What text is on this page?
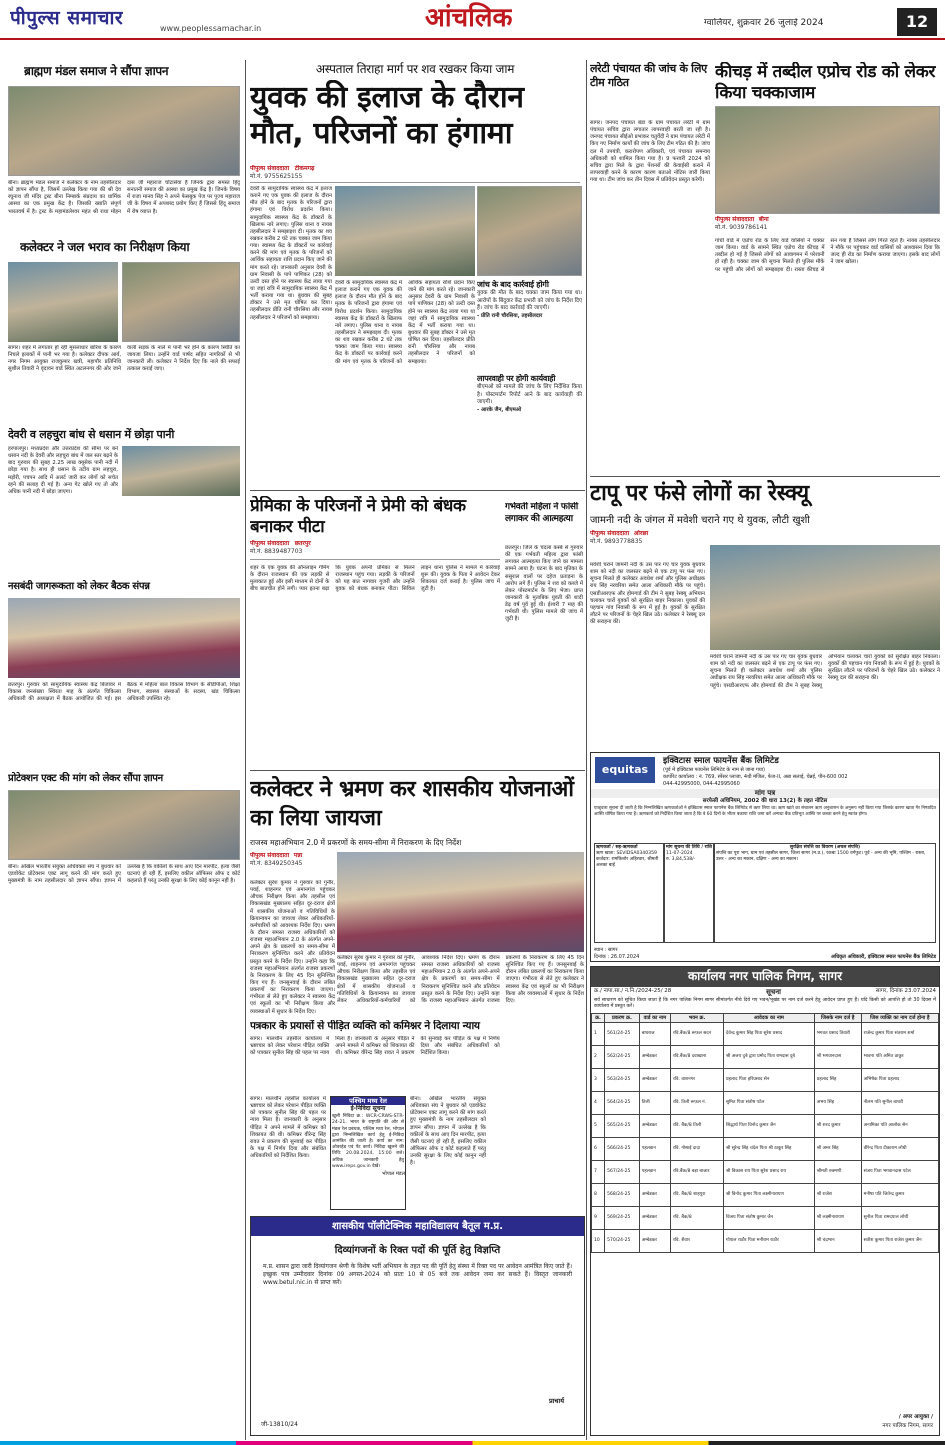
पीपुल्स समाचार	www.peoplessamachar.in	आंचलिक	ग्वालियर, शुक्रवार 26 जुलाई 2024	12
ब्राह्मण मंडल समाज ने सौंपा ज्ञापन
बीना। ब्राह्मण मंडल समाज ने कलेक्टर के नाम तहसीलदार को ज्ञापन सौंपा है, जिसमें उल्लेख किया गया की श्री देव रघुनाथ जी मंदिर ट्रस्ट बीना निम्बार्क संप्रदाय का धार्मिक आस्था का एक प्रमुख केंद्र है। जिसकी ख्याति संपूर्ण भारतवर्ष में है। ट्रस्ट के महामंडलेश्वर महंत श्री राधा मोहन दास जी महाराज चोटासेवा है जिनके द्वारा समस्त हिंदू सनातनी समाज की आस्था का प्रमुख केंद्र है। जिनके विषय में राजा मानव सिंह ने अपने फेसबुक पेज पर पूज्य महाराज जी के विषय में अपशब्द प्रयोग किए हैं जिससे हिंदू समाज में रोष व्याप्त है।
कलेक्टर ने जल भराव का निरीक्षण किया
सागर। शहर में लगातार हो रही मूसलाधार बारिश के कारण निचले इलाकों में पानी भर गया है। कलेक्टर दीपक आर्य, नगर निगम आयुक्त राजकुमार खत्री, महापौर प्रतिनिधि सुशील तिवारी ने वृंदावन वार्ड स्थित अटलनगर की ओर जाने वाली सड़क के नाले में पानी भरे होने के कारण स्थिति का जायजा लिया। उन्होंने वार्ड पार्षद सहित नागरिकों से भी जानकारी ली। कलेक्टर ने निर्देश दिए कि नाले की सफाई तत्काल कराई जाए।
देवरी व लहचुरा बांध से धसान में छोड़ा पानी
हरपालपुर। मध्यप्रदेश और उत्तरप्रदेश की सीमा पर बने धसान नदी के देवरी और लहचुरा बांध में जल स्तर बढ़ने के बाद गुरुवार की सुबह 2.25 लाख क्यूसेक पानी नदी में छोड़ा गया है। साथ ही धसान के तटीय ग्राम लहचुरा, मड़ोरी, पचपन आदि में अलर्ट जारी कर लोगों को सचेत रहने की सलाह दी गई है। अन्य गेट खोले गए तो और अधिक पानी नदी में छोड़ा जाएगा।
नसबंदी जागरूकता को लेकर बैठक संपन्न
छतरपुर। गुरुवार को सामुदायिक स्वास्थ्य केंद्र बिजावर में विकास जनसंख्या स्थिरता माह के अंतर्गत चिकित्सा अधिकारी की अध्यक्षता में बैठक आयोजित की गई। इस बैठक में महिला बाल विकास विभाग के सीडीपीओ, शिक्षा विभाग, स्वास्थ्य संस्थाओं के सदस्य, खंड चिकित्सा अधिकारी उपस्थित रहे।
प्रोटेक्शन एक्ट की मांग को लेकर सौंपा ज्ञापन
बीना। अखिल भारतीय संयुक्त अधिवक्ता संघ ने बुधवार को एडवोकेट प्रोटेक्शन एक्ट लागू करने की मांग करते हुए मुख्यमंत्री के नाम तहसीलदार को ज्ञापन सौंपा। ज्ञापन में उल्लेख है कि वकीलों के साथ आए दिन मारपीट, हत्या जैसी घटनाएं हो रही हैं, इसलिए वकील ऑफिसर ऑफ द कोर्ट कहलाते हैं परंतु उनकी सुरक्षा के लिए कोई कानून नहीं है।
अस्पताल तिराहा मार्ग पर शव रखकर किया जाम
युवक की इलाज के दौरान मौत, परिजनों का हंगामा
पीपुल्स संवाददाता टीकमगढ़
मो.नं. 9755625155
देवरी के सामुदायिक स्वास्थ्य केंद्र में इलाज कराने गए एक युवक की इलाज के दौरान मौत होने के बाद मृतक के परिजनों द्वारा हंगामा एवं विरोध प्रदर्शन किया। सामुदायिक स्वास्थ्य केंद्र के डॉक्टरों के खिलाफ नारे लगाए। पुलिस थाना व नायब तहसीलदार ने समझाइश दी। मृतक का शव रखकर करीब 2 घंटे तक चक्का जाम किया गया। स्वास्थ्य केंद्र के डॉक्टरों पर कार्रवाई करने की मांग एवं मृतक के परिजनों को आर्थिक सहायता राशि प्रदान किए जाने की मांग करते रहे। जानकारी अनुसार देवरी के ग्राम निवासी के पापे पाणिकर (28) को उल्टी दस्त होने पर स्वास्थ्य केंद्र लाया गया था जहां रात्रि में सामुदायिक स्वास्थ्य केंद्र में भर्ती कराया गया था। बुधवार की सुबह डॉक्टर ने उसे मृत घोषित कर दिया। तहसीलदार प्रीति रानी चौरसिया और नायब तहसीलदार ने परिजनों को समझाया।
देवरी के सामुदायिक स्वास्थ्य केंद्र में इलाज कराने गए एक युवक की इलाज के दौरान मौत होने के बाद मृतक के परिजनों द्वारा हंगामा एवं विरोध प्रदर्शन किया। सामुदायिक स्वास्थ्य केंद्र के डॉक्टरों के खिलाफ नारे लगाए। पुलिस थाना व नायब तहसीलदार ने समझाइश दी। मृतक का शव रखकर करीब 2 घंटे तक चक्का जाम किया गया। स्वास्थ्य केंद्र के डॉक्टरों पर कार्रवाई करने की मांग एवं मृतक के परिजनों को आर्थिक सहायता राशि प्रदान किए जाने की मांग करते रहे। जानकारी अनुसार देवरी के ग्राम निवासी के पापे पाणिकर (28) को उल्टी दस्त होने पर स्वास्थ्य केंद्र लाया गया था जहां रात्रि में सामुदायिक स्वास्थ्य केंद्र में भर्ती कराया गया था। बुधवार की सुबह डॉक्टर ने उसे मृत घोषित कर दिया। तहसीलदार प्रीति रानी चौरसिया और नायब तहसीलदार ने परिजनों को समझाया।
जांच के बाद कार्रवाई होगी
युवक की मौत के बाद चक्का जाम किया गया था। आरोपों के बिंदुवार केंद्र प्रभारी को जांच के निर्देश दिए हैं। जांच के बाद कार्रवाई की जाएगी।
- प्रीति रानी चौरसिया, तहसीलदार
लापरवाही पर होगी कार्यवाही
बीएमओ को मामले की जांच के लिए निर्देशित किया है। पोस्टमार्टम रिपोर्ट आने के बाद कार्यवाही की जाएगी।
- आरके जैन, बीएमओ
प्रेमिका के परिजनों ने प्रेमी को बंधक बनाकर पीटा
पीपुल्स संवाददाता छतरपुर
मो.नं. 8839487703
शहर के एक युवक की ऑनलाइन गेमिंग के दौरान राजस्थान की एक लड़की से मुलाकात हुई और इसी माध्यम से दोनों के बीच बातचीत होने लगी। प्यार इतना बढ़ा कि युवक अपनी प्रेमिका से मिलने राजस्थान पहुंच गया। लड़की के परिजनों को यह बात नागवार गुजरी और उन्होंने युवक को बंधक बनाकर पीटा। सिविल लाइन थाना पुलिस ने मामले में कार्रवाई शुरू की। युवक के पिता ने आवेदन देकर शिकायत दर्ज कराई है। पुलिस जांच में जुटी है।
गर्भवती महिला ने फांसी लगाकर की आत्महत्या
छतरपुर। जिले के चंदला कस्बे से गुरुवार की एक गर्भवती महिला द्वारा फांसी लगाकर आत्महत्या किए जाने का मामला सामने आया है। घटना के बाद मृतिका के ससुराल वालों पर दहेज प्रताड़ना के आरोप लगे हैं। पुलिस ने शव को कब्जे में लेकर पोस्टमार्टम के लिए भेजा। प्राप्त जानकारी के मुताबिक युवती की शादी डेढ़ वर्ष पूर्व हुई थी। ईश्वरी 7 माह की गर्भवती थी। पुलिस मामले की जांच में जुटी है।
कलेक्टर ने भ्रमण कर शासकीय योजनाओं का लिया जायजा
राजस्व महाअभियान 2.0 में प्रकरणों के समय-सीमा में निराकरण के दिए निर्देश
पीपुल्स संवाददाता पन्ना
मो.नं. 8349250345
कलेक्टर सुरेश कुमार ने गुरुवार को गुनौर, पवई, शाहनगर एवं अमानगंज पहुंचकर औचक निरीक्षण किया और तहसील एवं विकासखंड मुख्यालय सहित दूर-दराज क्षेत्रों में शासकीय योजनाओं व गतिविधियों के क्रियान्वयन का जायजा लेकर अधिकारियों-कर्मचारियों को आवश्यक निर्देश दिए। भ्रमण के दौरान समस्त राजस्व अधिकारियों को राजस्व महाअभियान 2.0 के अंतर्गत अपने-अपने क्षेत्र के प्रकरणों का समय-सीमा में निराकरण सुनिश्चित करने और प्रतिवेदन प्रस्तुत करने के निर्देश दिए। उन्होंने कहा कि राजस्व महाअभियान अंतर्गत राजस्व प्रकरणों के निराकरण के लिए 45 दिन सुनिश्चित किए गए हैं। जनसुनवाई के दौरान लंबित प्रकरणों का निराकरण किया जाएगा। गंभीरता से लेते हुए कलेक्टर ने स्वास्थ्य केंद्र एवं स्कूलों का भी निरीक्षण किया और व्यवस्थाओं में सुधार के निर्देश दिए।
कलेक्टर सुरेश कुमार ने गुरुवार को गुनौर, पवई, शाहनगर एवं अमानगंज पहुंचकर औचक निरीक्षण किया और तहसील एवं विकासखंड मुख्यालय सहित दूर-दराज क्षेत्रों में शासकीय योजनाओं व गतिविधियों के क्रियान्वयन का जायजा लेकर अधिकारियों-कर्मचारियों को आवश्यक निर्देश दिए। भ्रमण के दौरान समस्त राजस्व अधिकारियों को राजस्व महाअभियान 2.0 के अंतर्गत अपने-अपने क्षेत्र के प्रकरणों का समय-सीमा में निराकरण सुनिश्चित करने और प्रतिवेदन प्रस्तुत करने के निर्देश दिए। उन्होंने कहा कि राजस्व महाअभियान अंतर्गत राजस्व प्रकरणों के निराकरण के लिए 45 दिन सुनिश्चित किए गए हैं। जनसुनवाई के दौरान लंबित प्रकरणों का निराकरण किया जाएगा। गंभीरता से लेते हुए कलेक्टर ने स्वास्थ्य केंद्र एवं स्कूलों का भी निरीक्षण किया और व्यवस्थाओं में सुधार के निर्देश दिए।
पत्रकार के प्रयासों से पीड़ित व्यक्ति को कमिश्नर ने दिलाया न्याय
सागर। मालथौन तहसील कार्यालय में भ्रष्टाचार को लेकर परेशान पीड़ित व्यक्ति को पत्रकार सुनील सिंह की पहल पर न्याय मिला है। जानकारी के अनुसार पीड़ित ने अपने मामले में कमिश्नर को शिकायत की थी। कमिश्नर वीरेन्द्र सिंह रावत ने प्रकरण की सुनवाई कर पीड़ित के पक्ष में निर्णय दिया और संबंधित अधिकारियों को निर्देशित किया।
पश्चिम मध्य रेल
ई-निविदा सूचना
खुली निविदा क्र.: WCR-CRWS-STR-24-21. भारत के राष्ट्रपति की ओर से मंडल रेल प्रबंधक, पश्चिम मध्य रेल, भोपाल द्वारा निम्नलिखित कार्य हेतु ई-निविदा आमंत्रित की जाती है। कार्य का नाम: ओवरहेड एवं पेंट कार्य। निविदा खुलने की तिथि: 20.08.2024, 15:00 बजे। अधिक जानकारी हेतु www.ireps.gov.in देखें।
भोपाल मंडल
सागर। मालथौन तहसील कार्यालय में भ्रष्टाचार को लेकर परेशान पीड़ित व्यक्ति को पत्रकार सुनील सिंह की पहल पर न्याय मिला है। जानकारी के अनुसार पीड़ित ने अपने मामले में कमिश्नर को शिकायत की थी। कमिश्नर वीरेन्द्र सिंह रावत ने प्रकरण की सुनवाई कर पीड़ित के पक्ष में निर्णय दिया और संबंधित अधिकारियों को निर्देशित किया।
बीना। अखिल भारतीय संयुक्त अधिवक्ता संघ ने बुधवार को एडवोकेट प्रोटेक्शन एक्ट लागू करने की मांग करते हुए मुख्यमंत्री के नाम तहसीलदार को ज्ञापन सौंपा। ज्ञापन में उल्लेख है कि वकीलों के साथ आए दिन मारपीट, हत्या जैसी घटनाएं हो रही हैं, इसलिए वकील ऑफिसर ऑफ द कोर्ट कहलाते हैं परंतु उनकी सुरक्षा के लिए कोई कानून नहीं है।
शासकीय पॉलीटेक्निक महाविद्यालय बैतूल म.प्र.
दिव्यांगजनों के रिक्त पदों की पूर्ति हेतु विज्ञप्ति
म.प्र. शासन द्वारा जारी दिव्यांगजन श्रेणी के विशेष भर्ती अभियान के तहत पद की पूर्ति हेतु संस्था में रिक्त पद पर आवेदन आमंत्रित किए जाते हैं। इच्छुक पात्र उम्मीदवार दिनांक 09 अगस्त-2024 को प्रातः 10 से 05 बजे तक आवेदन जमा कर सकते हैं। विस्तृत जानकारी www.betul.nic.in से प्राप्त करें।
प्राचार्य
जी-13810/24
लरेटी पंचायत की जांच के लिए टीम गठित
सागर। जनपद पंचायत बंडा के ग्राम पंचायत लरेटी में ग्राम पंचायत सचिव द्वारा लगातार लापरवाही बरती जा रही है। जनपद पंचायत सीईओ प्रभाकर चतुर्वेदी ने ग्राम पंचायत लरेटी में किए गए निर्माण कार्यों की जांच के लिए टीम गठित की है। जांच दल में उपयंत्री, करारोपण अधिकारी, एवं पंचायत समन्वय अधिकारी को शामिल किया गया है। 9 फरवरी 2024 को सचिव द्वारा मिले के द्वारा पेंशनरों की केवाईसी कराने में लापरवाही करने के कारण कारण बताओ नोटिस जारी किया गया था। टीम जांच कर तीन दिवस में प्रतिवेदन प्रस्तुत करेगी।
कीचड़ में तब्दील एप्रोच रोड को लेकर किया चक्काजाम
पीपुल्स संवाददाता बीना
मो.नं. 9039786141
गांधी वार्ड में एप्रोच रोड के लिए वार्ड वासियों ने चक्का जाम किया। वार्ड के सामने स्थित एप्रोच रोड कीचड़ में तब्दील हो गई है जिससे लोगों को आवागमन में परेशानी हो रही है। चक्का जाम की सूचना मिलते ही पुलिस मौके पर पहुंची और लोगों को समझाइश दी। रास्ता कीचड़ से सन गया है जिससे लोग गिरते रहते हैं। नायब तहसीलदार ने मौके पर पहुंचकर वार्ड वासियों को आश्वासन दिया कि जल्द ही रोड का निर्माण कराया जाएगा। इसके बाद लोगों ने जाम खोला।
टापू पर फंसे लोगों का रेस्क्यू
जामनी नदी के जंगल में मवेशी चराने गए थे युवक, लौटी खुशी
पीपुल्स संवाददाता ओरछा
मो.नं. 9893778835
मवेशी चराने जामनी नदी के उस पार गए चार युवक बुधवार शाम को नदी का जलस्तर बढ़ने से एक टापू पर फंस गए। सूचना मिलते ही कलेक्टर अवधेश शर्मा और पुलिस अधीक्षक राय सिंह नरवरिया समेत आला अधिकारी मौके पर पहुंचे। एसडीआरएफ और होमगार्ड की टीम ने सुबह रेस्क्यू अभियान चलाकर चारों युवकों को सुरक्षित बाहर निकाला। युवकों की पहचान गांव निवासी के रूप में हुई है। युवकों के सुरक्षित लौटने पर परिजनों के चेहरे खिल उठे। कलेक्टर ने रेस्क्यू दल की सराहना की।
मवेशी चराने जामनी नदी के उस पार गए चार युवक बुधवार शाम को नदी का जलस्तर बढ़ने से एक टापू पर फंस गए। सूचना मिलते ही कलेक्टर अवधेश शर्मा और पुलिस अधीक्षक राय सिंह नरवरिया समेत आला अधिकारी मौके पर पहुंचे। एसडीआरएफ और होमगार्ड की टीम ने सुबह रेस्क्यू अभियान चलाकर चारों युवकों को सुरक्षित बाहर निकाला। युवकों की पहचान गांव निवासी के रूप में हुई है। युवकों के सुरक्षित लौटने पर परिजनों के चेहरे खिल उठे। कलेक्टर ने रेस्क्यू दल की सराहना की।
equitas
इक्विटास स्माल फायनेंस बैंक लिमिटेड
(पूर्व में इक्विटास फायनेंस लिमिटेड के नाम से जाना गया)
कार्पोरेट कार्यालय : नं. 769, स्पेंसर प्लाजा, 4थी मंजिल, फेज-II, अन्ना सलाई, चेन्नई, पीन-600 002
044-42995000, 044-42995060
मांग पत्र
सरफेसी अधिनियम, 2002 की धारा 13(2) के तहत नोटिस
एतद्द्वारा सूचना दी जाती है कि निम्नलिखित ऋणकर्ताओं ने इक्विटास स्माल फायनेंस बैंक लिमिटेड से ऋण लिया था। ऋण खाते का संचालन ऋण अनुशासन के अनुरूप नहीं किया गया जिसके कारण खाता गैर निष्पादित आस्ति घोषित किया गया है। ऋणकर्ता को निर्देशित किया जाता है कि वे 60 दिनों के भीतर बकाया राशि जमा करें अन्यथा बैंक प्रतिभूत आस्ति पर कब्जा करने हेतु स्वतंत्र होगा।
ऋणकर्ता / सह-ऋणकर्ता
ऋण खाता: SEVIDSA0340359
कर्जदार: रामकिशोर अहिरवार, श्रीमती अलका बाई
मांग सूचना की तिथि / राशि
11-07-2024
रु. 3,84,538/-
सुरक्षित संपत्ति का विवरण (अचल संपत्ति)
संपत्ति का पूरा भाग, ग्राम एवं तहसील सागर, जिला सागर (म.प्र.), रकबा 1500 वर्गफुट। पूर्व - अन्य की भूमि, पश्चिम - रास्ता, उत्तर - अन्य का मकान, दक्षिण - अन्य का मकान।
स्थान : सागर
दिनांक : 26.07.2024	अधिकृत अधिकारी, इक्विटास स्माल फायनेंस बैंक लिमिटेड
कार्यालय नगर पालिक निगम, सागर
क्र./ नापा.सा./ न.नि./2024-25/ 28	सूचना	सागर, दिनांक 23.07.2024
सर्व साधारण को सूचित किया जाता है कि नगर पालिक निगम सागर सीमांतर्गत नीचे दिये गए भवन/भूखंड पर नाम दर्ज करने हेतु आवेदन प्राप्त हुए हैं। यदि किसी को आपत्ति हो तो 30 दिवस में कार्यालय में प्रस्तुत करें।
क्र.	प्रकरण क्र.	वार्ड का नाम	भवन क्र.	आवेदक का नाम	जिसके नाम दर्ज है	जिस व्यक्ति का नाम दर्ज होना है
1	561/24-25	बाघराज	रवि.बैंक/8 रूफ़ल सदन	देवेन्द्र कुमार सिंह पिता सुरेश प्रसाद	भगवत प्रसाद तिवारी	राजेन्द्र कुमार पिता संतराम शर्मा
2	562/24-25	अम्बेडकर	रवि.बैंक/8 दवाखाना	श्री अजय दुबे द्वारा प्रमोद पिता रामदास दुबे	श्री भगवानदास	भावना पति अमित ठाकुर
3	563/24-25	अम्बेडकर	रवि. वाशनगर	प्रहलाद पिता हरिप्रसाद सेन	प्रहलाद सिंह	अभिषेक पिता प्रहलाद
4	564/24-25	तिली	रवि. तिली रूफ़ल नं.	सुमित पिता संतोष पटेल	अभय सिंह	नीलम पति सुनील बाथरी
5	565/24-25	अम्बेडकर	रवि. बैंक/8 तिली	सिद्धार्थ पिता विनोद कुमार जैन	श्री शरद कुमार	अनामिका पति आलोक सेन
6	566/24-25	पहलवान	रवि. गोसाई दादा	श्री सुरेन्द्र सिंह चंदेल पिता श्री ठाकुर सिंह	श्री अमर सिंह	वीरेन्द्र पिता टीकाराम लोधी
7	567/24-25	पहलवान	रवि.बैंक/8 बड़ा बाजार	श्री विकास राय पिता सुरेश प्रसाद राय	श्रीमती रुक्मणी	संजय पिता भगवानदास पटेल
8	568/24-25	अम्बेडकर	रवि. बैंक/8 शाहपुरा	श्री विनोद कुमार पिता लक्ष्मीनारायण	श्री राजेश	मनीषा पति जितेन्द्र कुमार
9	569/24-25	अम्बेडकर	रवि. बैंक/8	विजय पिता संतोष कुमार जैन	श्री लक्ष्मीनारायण	सुनील पिता रामदयाल लोधी
10	570/24-25	अम्बेडकर	रवि. शैवार	गोपाल राठौर पिता मनीराम राठौर	श्री चंद्रभान	सतीश कुमार पिता राजेश कुमार जैन
/ अपर आयुक्त /
नगर पालिक निगम, सागर
